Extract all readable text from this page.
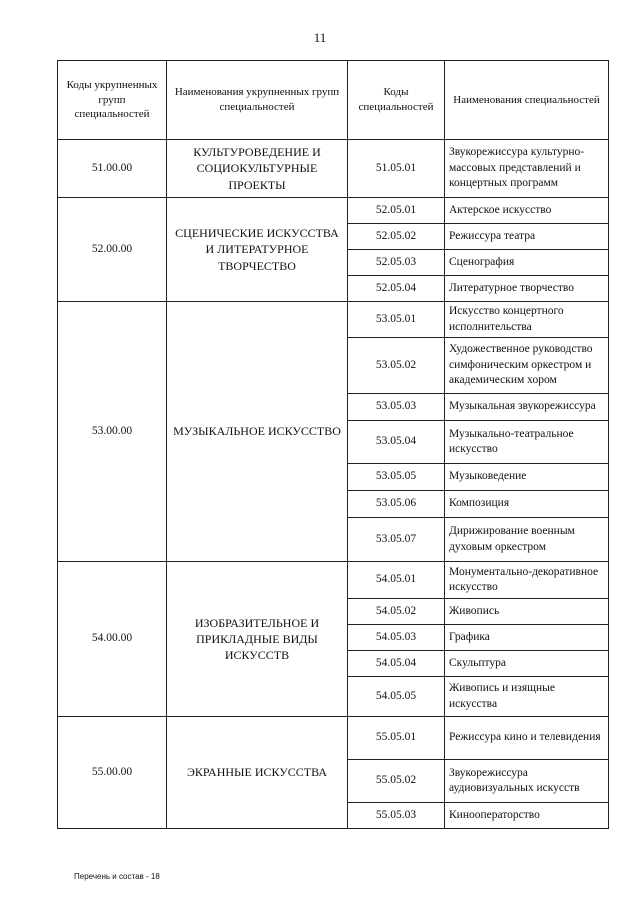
11
Коды укрупненных групп специальностей	Наименования укрупненных групп специальностей	Коды специальностей	Наименования специальностей
51.00.00	КУЛЬТУРОВЕДЕНИЕ И СОЦИОКУЛЬТУРНЫЕ ПРОЕКТЫ	51.05.01	Звукорежиссура культурно-массовых представлений и концертных программ
52.00.00	СЦЕНИЧЕСКИЕ ИСКУССТВА И ЛИТЕРАТУРНОЕ ТВОРЧЕСТВО	52.05.01	Актерское искусство
		52.05.02	Режиссура театра
		52.05.03	Сценография
		52.05.04	Литературное творчество
53.00.00	МУЗЫКАЛЬНОЕ ИСКУССТВО	53.05.01	Искусство концертного исполнительства
		53.05.02	Художественное руководство симфоническим оркестром и академическим хором
		53.05.03	Музыкальная звукорежиссура
		53.05.04	Музыкально-театральное искусство
		53.05.05	Музыковедение
		53.05.06	Композиция
		53.05.07	Дирижирование военным духовым оркестром
54.00.00	ИЗОБРАЗИТЕЛЬНОЕ И ПРИКЛАДНЫЕ ВИДЫ ИСКУССТВ	54.05.01	Монументально-декоративное искусство
		54.05.02	Живопись
		54.05.03	Графика
		54.05.04	Скульптура
		54.05.05	Живопись и изящные искусства
55.00.00	ЭКРАННЫЕ ИСКУССТВА	55.05.01	Режиссура кино и телевидения
		55.05.02	Звукорежиссура аудиовизуальных искусств
		55.05.03	Кинооператорство
Перечень и состав - 18
